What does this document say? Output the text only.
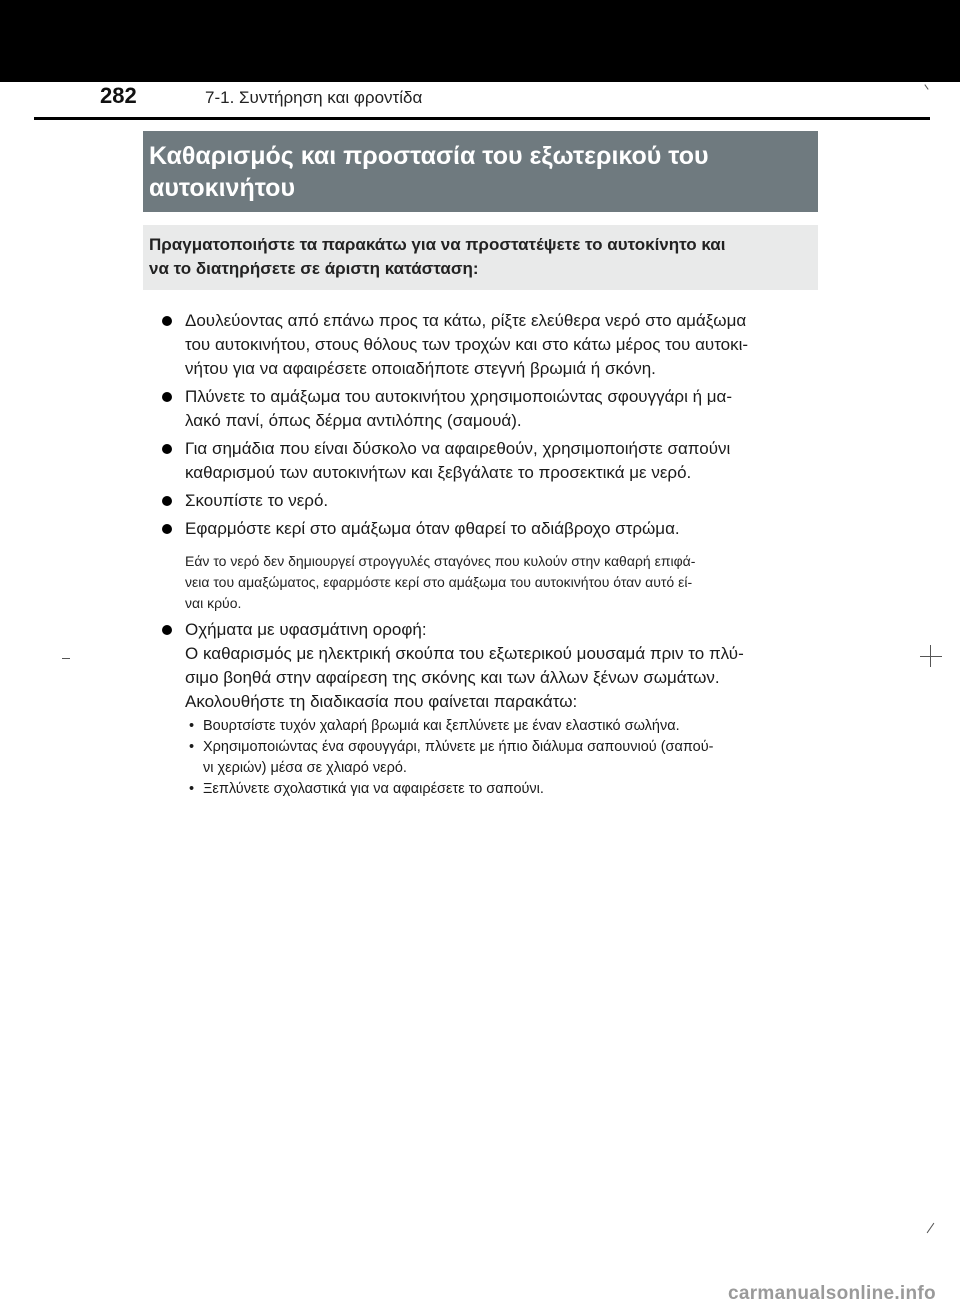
282	7-1. Συντήρηση και φροντίδα
Καθαρισμός και προστασία του εξωτερικού του
αυτοκινήτου

Πραγματοποιήστε τα παρακάτω για να προστατέψετε το αυτοκίνητο και
να το διατηρήσετε σε άριστη κατάσταση:

Δουλεύοντας από επάνω προς τα κάτω, ρίξτε ελεύθερα νερό στο αμάξωμα
του αυτοκινήτου, στους θόλους των τροχών και στο κάτω μέρος του αυτοκι-
νήτου για να αφαιρέσετε οποιαδήποτε στεγνή βρωμιά ή σκόνη.
Πλύνετε το αμάξωμα του αυτοκινήτου χρησιμοποιώντας σφουγγάρι ή μα-
λακό πανί, όπως δέρμα αντιλόπης (σαμουά).
Για σημάδια που είναι δύσκολο να αφαιρεθούν, χρησιμοποιήστε σαπούνι
καθαρισμού των αυτοκινήτων και ξεβγάλατε το προσεκτικά με νερό.
Σκουπίστε το νερό.
Εφαρμόστε κερί στο αμάξωμα όταν φθαρεί το αδιάβροχο στρώμα.
Εάν το νερό δεν δημιουργεί στρογγυλές σταγόνες που κυλούν στην καθαρή επιφά-
νεια του αμαξώματος, εφαρμόστε κερί στο αμάξωμα του αυτοκινήτου όταν αυτό εί-
ναι κρύο.
Οχήματα με υφασμάτινη οροφή:
Ο καθαρισμός με ηλεκτρική σκούπα του εξωτερικού μουσαμά πριν το πλύ-
σιμο βοηθά στην αφαίρεση της σκόνης και των άλλων ξένων σωμάτων.
Ακολουθήστε τη διαδικασία που φαίνεται παρακάτω:
• Βουρτσίστε τυχόν χαλαρή βρωμιά και ξεπλύνετε με έναν ελαστικό σωλήνα.
• Χρησιμοποιώντας ένα σφουγγάρι, πλύνετε με ήπιο διάλυμα σαπουνιού (σαπού-
νι χεριών) μέσα σε χλιαρό νερό.
• Ξεπλύνετε σχολαστικά για να αφαιρέσετε το σαπούνι.
carmanualsonline.info
